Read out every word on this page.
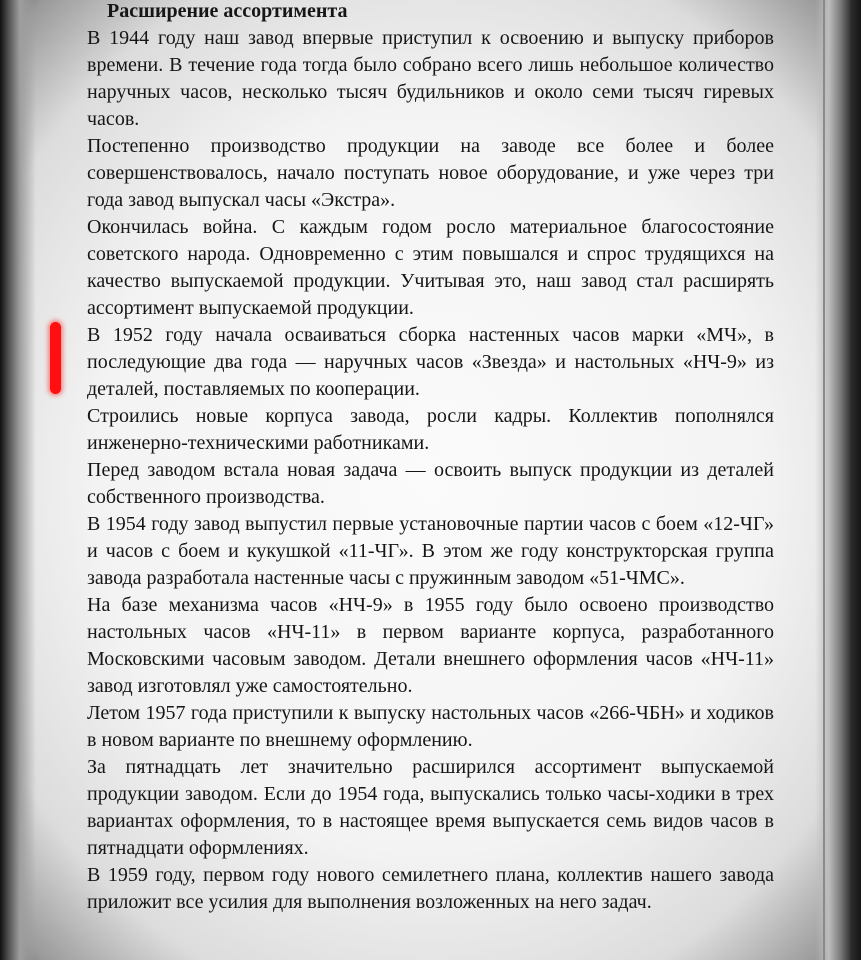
Расширение ассортимента

В 1944 году наш завод впервые приступил к освоению и выпуску приборов времени. В течение года тогда было собрано всего лишь небольшое количество наручных часов, несколько тысяч будильников и около семи тысяч гиревых часов.

Постепенно производство продукции на заводе все более и более совершенствовалось, начало поступать новое оборудование, и уже через три года завод выпускал часы «Экстра».

Окончилась война. С каждым годом росло материальное благосостояние советского народа. Одновременно с этим повышался и спрос трудящихся на качество выпускаемой продукции. Учитывая это, наш завод стал расширять ассортимент выпускаемой продукции.

В 1952 году начала осваиваться сборка настенных часов марки «МЧ», в последующие два года — наручных часов «Звезда» и настольных «НЧ-9» из деталей, поставляемых по кооперации.

Строились новые корпуса завода, росли кадры. Коллектив пополнялся инженерно-техническими работниками.

Перед заводом встала новая задача — освоить выпуск продукции из деталей собственного производства.

В 1954 году завод выпустил первые установочные партии часов с боем «12-ЧГ» и часов с боем и кукушкой «11-ЧГ». В этом же году конструкторская группа завода разработала настенные часы с пружинным заводом «51-ЧМС».

На базе механизма часов «НЧ-9» в 1955 году было освоено производство настольных часов «НЧ-11» в первом варианте корпуса, разработанного Московскими часовым заводом. Детали внешнего оформления часов «НЧ-11» завод изготовлял уже самостоятельно.

Летом 1957 года приступили к выпуску настольных часов «266-ЧБН» и ходиков в новом варианте по внешнему оформлению.

За пятнадцать лет значительно расширился ассортимент выпускаемой продукции заводом. Если до 1954 года, выпускались только часы-ходики в трех вариантах оформления, то в настоящее время выпускается семь видов часов в пятнадцати оформлениях.

В 1959 году, первом году нового семилетнего плана, коллектив нашего завода приложит все усилия для выполнения возложенных на него задач.
